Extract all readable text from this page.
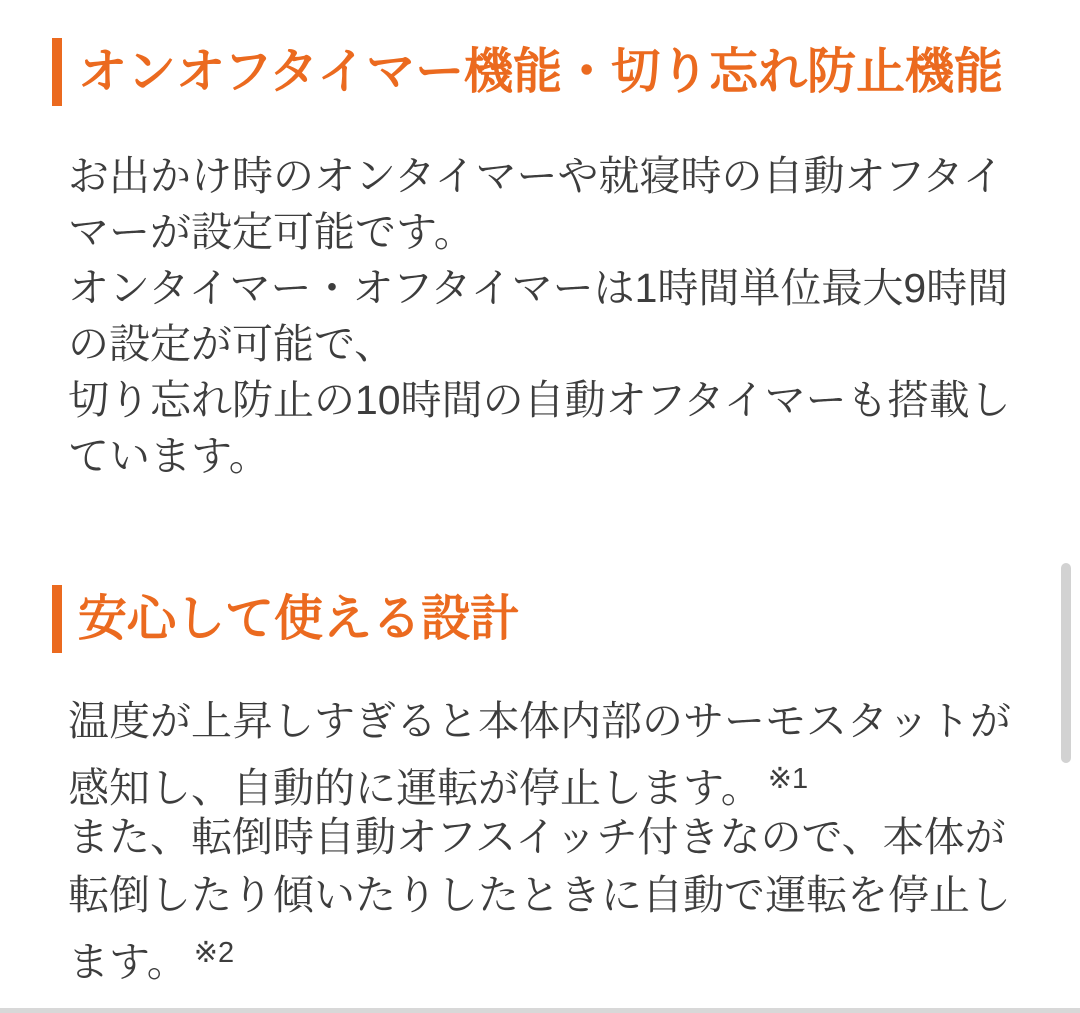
オンオフタイマー機能・切り忘れ防止機能
お出かけ時のオンタイマーや就寝時の自動オフタイ
マーが設定可能です。
オンタイマー・オフタイマーは1時間単位最大9時間
の設定が可能で、
切り忘れ防止の10時間の自動オフタイマーも搭載し
ています。
安心して使える設計
温度が上昇しすぎると本体内部のサーモスタットが
感知し、自動的に運転が停止します。 $^{※1}$
また、転倒時自動オフスイッチ付きなので、本体が
転倒したり傾いたりしたときに自動で運転を停止し
ます。 $^{※2}$
